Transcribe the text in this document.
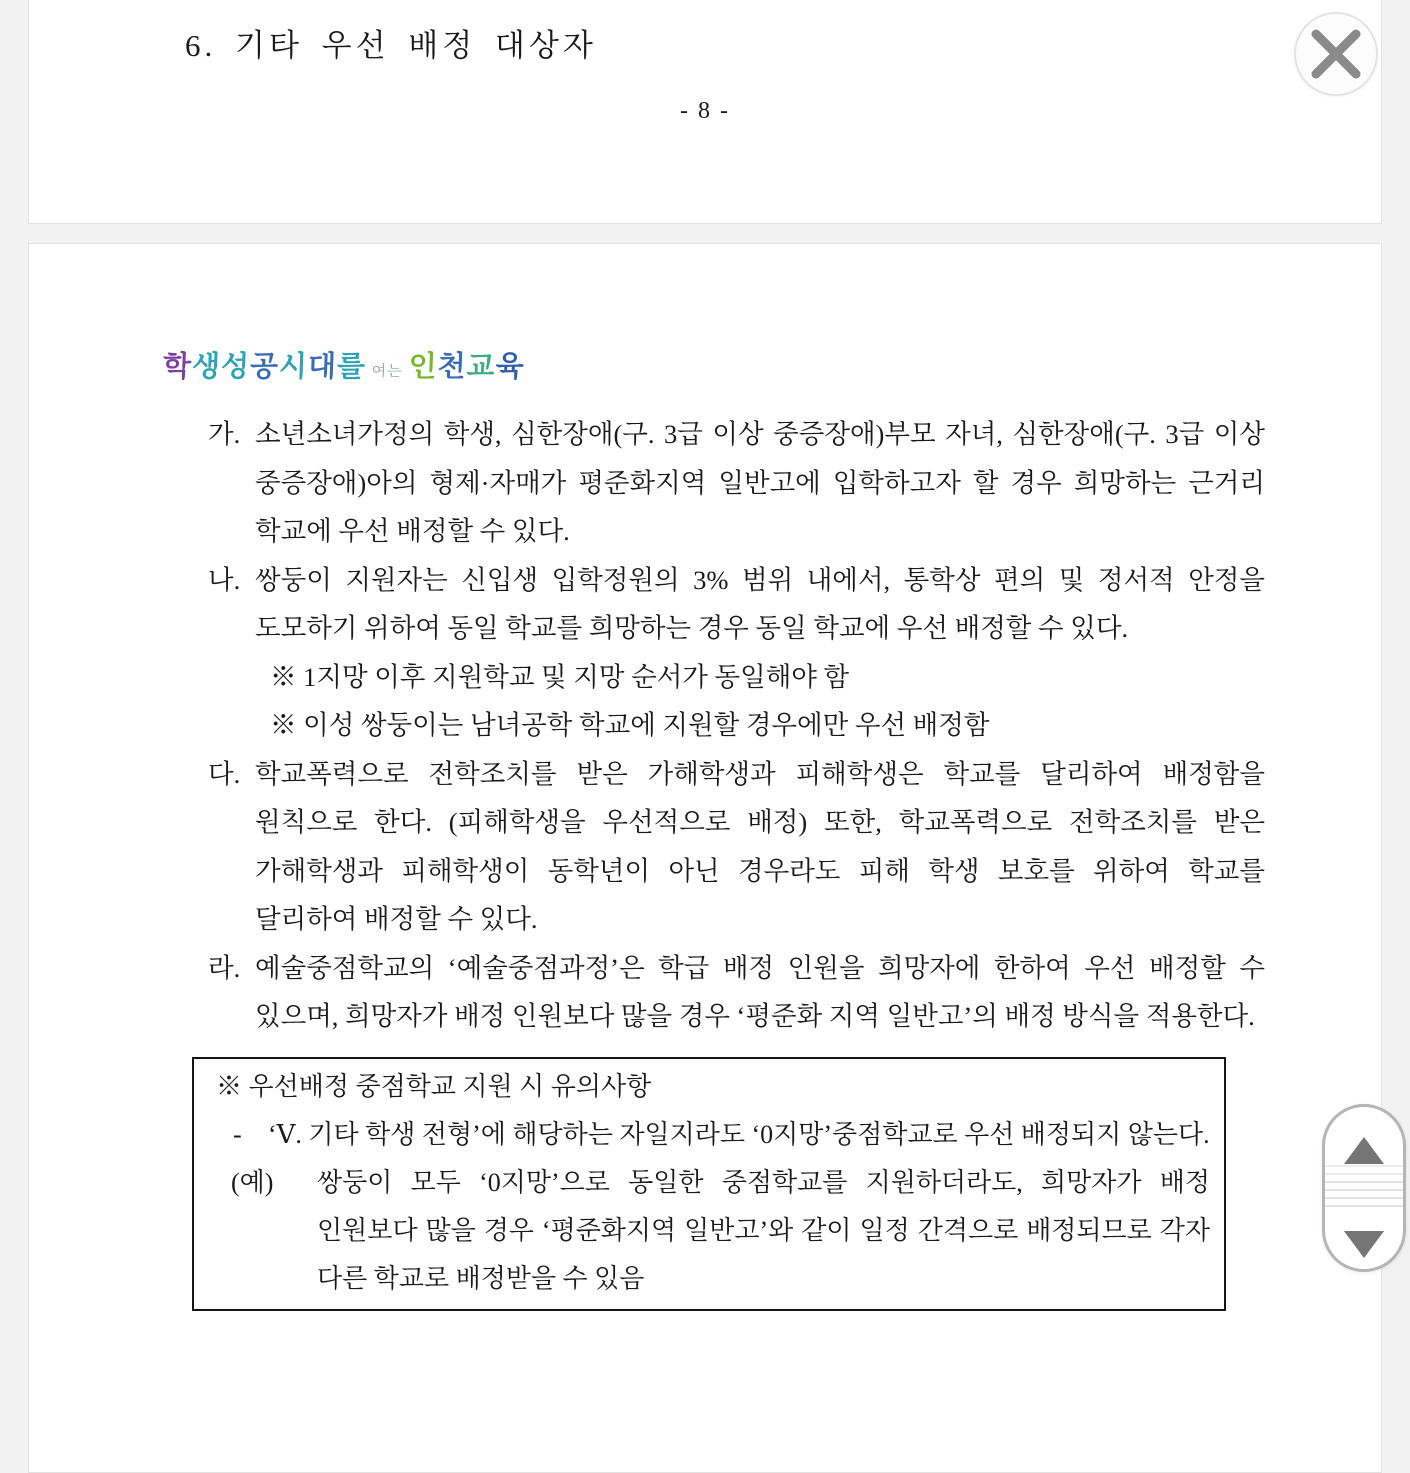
6. 기타 우선 배정 대상자
- 8 -
학생성공시대를 여는 인천교육

가. 소년소녀가정의 학생, 심한장애(구. 3급 이상 중증장애)부모 자녀, 심한장애(구. 3급 이상 중증장애)아의 형제·자매가 평준화지역 일반고에 입학하고자 할 경우 희망하는 근거리 학교에 우선 배정할 수 있다.

나. 쌍둥이 지원자는 신입생 입학정원의 3% 범위 내에서, 통학상 편의 및 정서적 안정을 도모하기 위하여 동일 학교를 희망하는 경우 동일 학교에 우선 배정할 수 있다.

※ 1지망 이후 지원학교 및 지망 순서가 동일해야 함
※ 이성 쌍둥이는 남녀공학 학교에 지원할 경우에만 우선 배정함

다. 학교폭력으로 전학조치를 받은 가해학생과 피해학생은 학교를 달리하여 배정함을 원칙으로 한다. (피해학생을 우선적으로 배정) 또한, 학교폭력으로 전학조치를 받은 가해학생과 피해학생이 동학년이 아닌 경우라도 피해 학생 보호를 위하여 학교를 달리하여 배정할 수 있다.

라. 예술중점학교의 ‘예술중점과정’은 학급 배정 인원을 희망자에 한하여 우선 배정할 수 있으며, 희망자가 배정 인원보다 많을 경우 ‘평준화 지역 일반고’의 배정 방식을 적용한다.

※ 우선배정 중점학교 지원 시 유의사항

- ‘Ⅴ. 기타 학생 전형’에 해당하는 자일지라도 ‘0지망’중점학교로 우선 배정되지 않는다.

(예) 쌍둥이 모두 ‘0지망’으로 동일한 중점학교를 지원하더라도, 희망자가 배정 인원보다 많을 경우 ‘평준화지역 일반고’와 같이 일정 간격으로 배정되므로 각자 다른 학교로 배정받을 수 있음
